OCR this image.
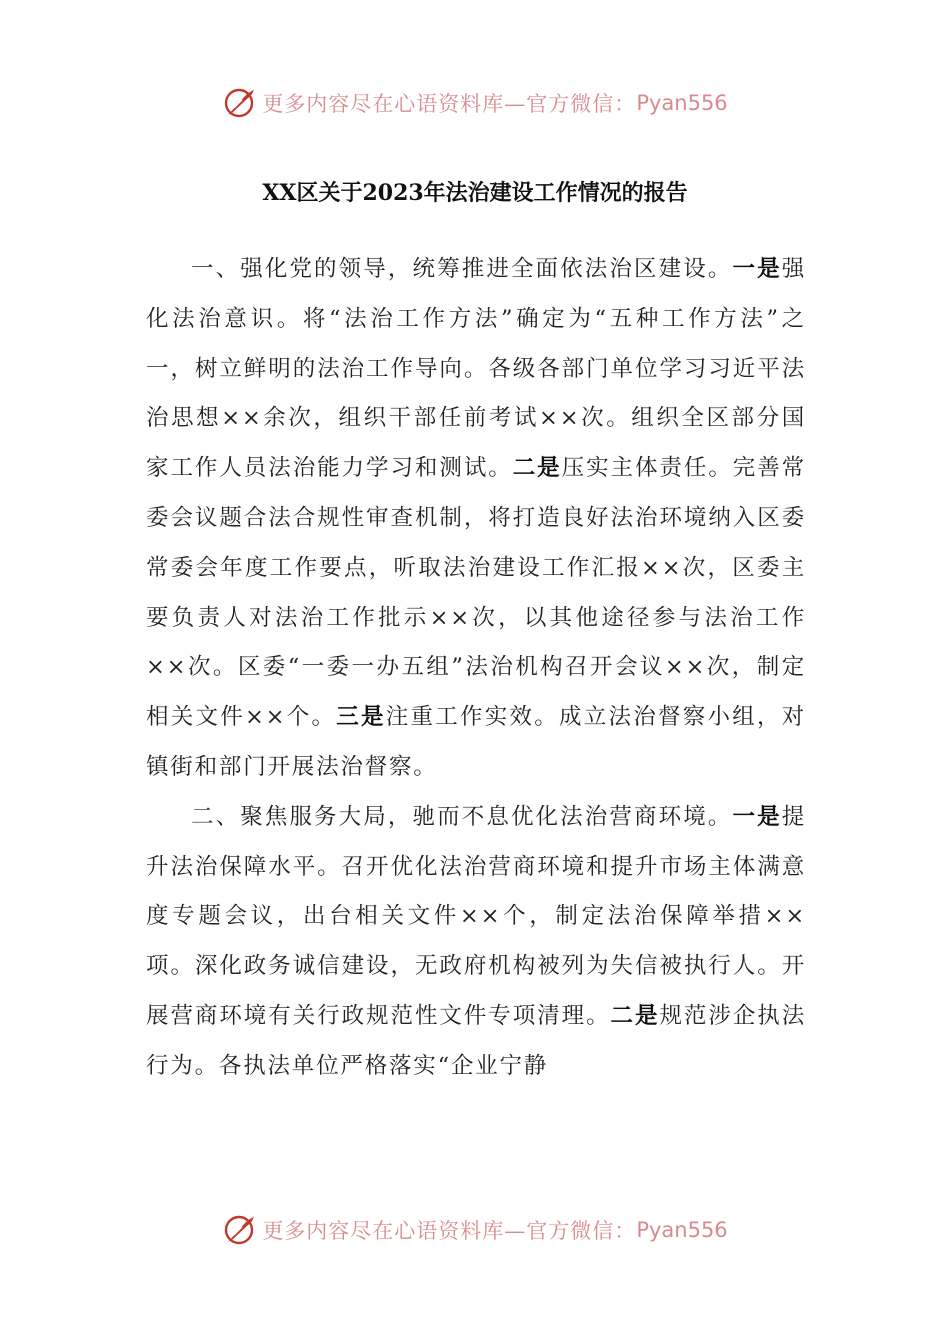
更多内容尽在心语资料库—官方微信： Pyan556
XX区关于2023年法治建设工作情况的报告

一、强化党的领导，统筹推进全面依法治区建设。一是强化法治意识。将“法治工作方法”确定为“五种工作方法”之一，树立鲜明的法治工作导向。各级各部门单位学习习近平法治思想××余次，组织干部任前考试××次。组织全区部分国家工作人员法治能力学习和测试。二是压实主体责任。完善常委会议题合法合规性审查机制，将打造良好法治环境纳入区委常委会年度工作要点，听取法治建设工作汇报××次，区委主要负责人对法治工作批示××次，以其他途径参与法治工作××次。区委“一委一办五组”法治机构召开会议××次，制定相关文件××个。三是注重工作实效。成立法治督察小组，对镇街和部门开展法治督察。

二、聚焦服务大局，驰而不息优化法治营商环境。一是提升法治保障水平。召开优化法治营商环境和提升市场主体满意度专题会议，出台相关文件××个，制定法治保障举措××项。深化政务诚信建设，无政府机构被列为失信被执行人。开展营商环境有关行政规范性文件专项清理。二是规范涉企执法行为。各执法单位严格落实“企业宁静

更多内容尽在心语资料库—官方微信： Pyan556
